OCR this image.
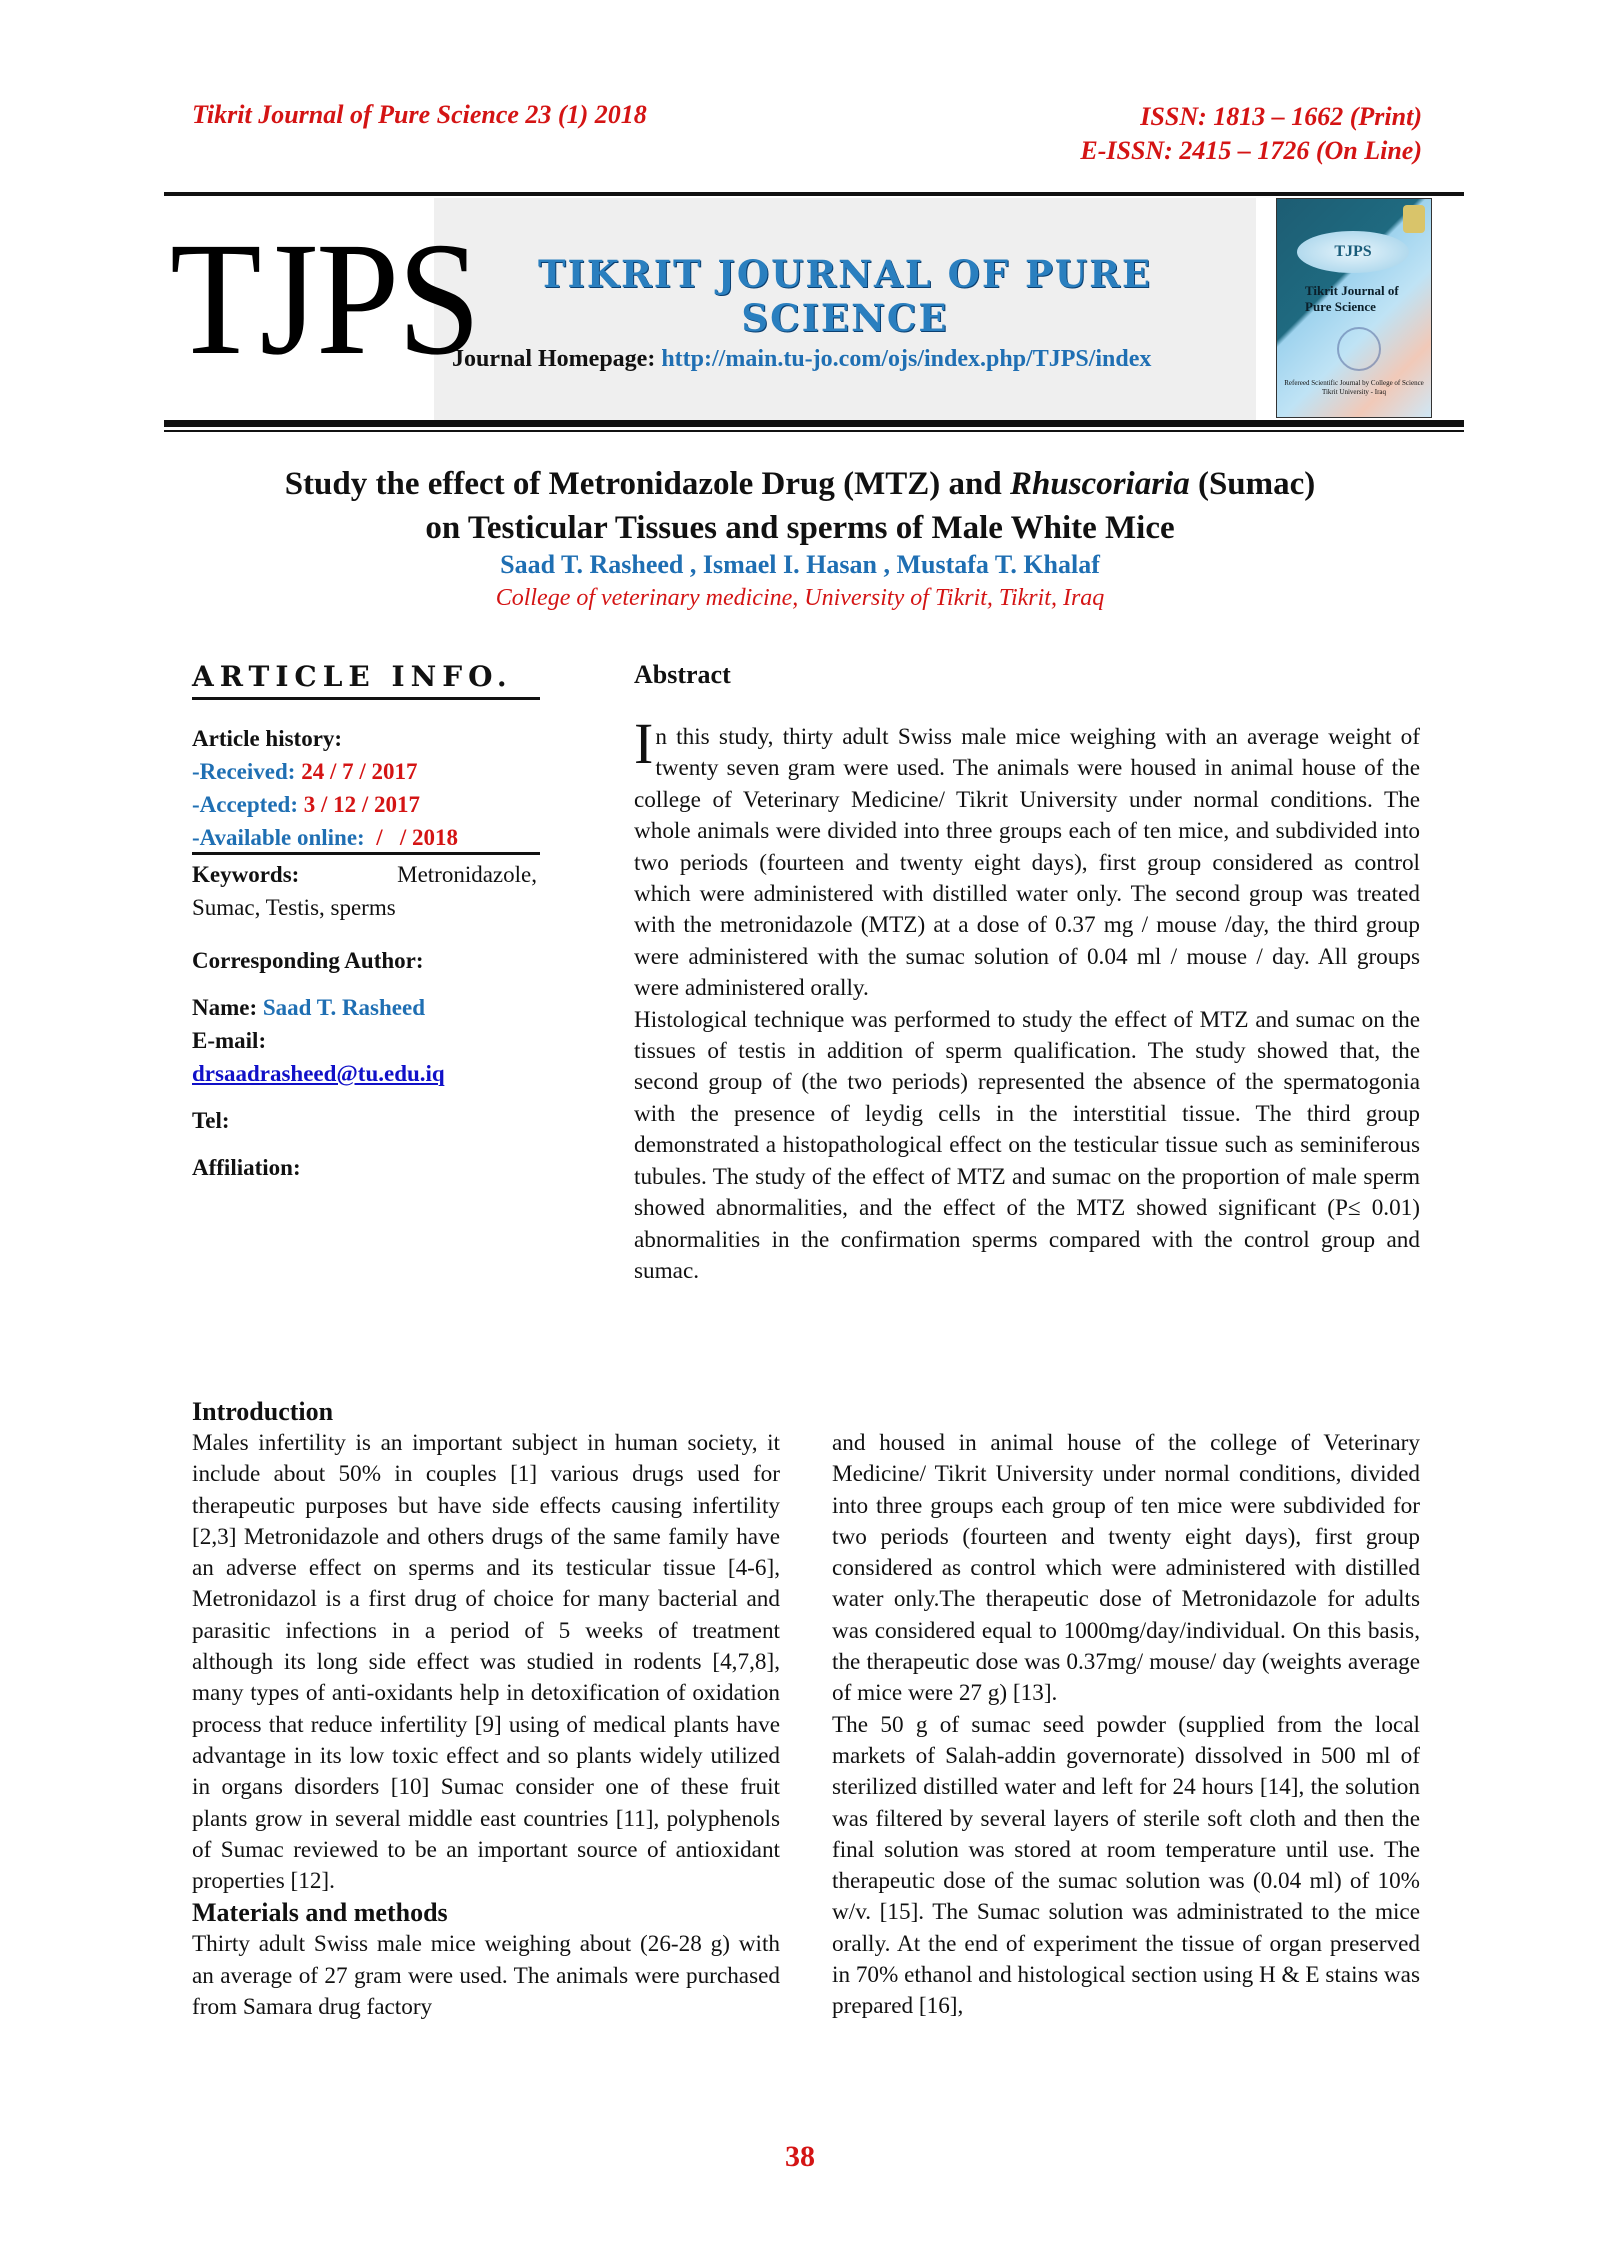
Tikrit Journal of Pure Science 23 (1) 2018	ISSN: 1813 – 1662 (Print)
E-ISSN: 2415 – 1726 (On Line)
TJPS	TIKRIT JOURNAL OF PURE SCIENCE
Journal Homepage: http://main.tu-jo.com/ojs/index.php/TJPS/index
TJPS
Tikrit Journal of Pure Science
Refereed Scientific Journal by College of Science Tikrit University - Iraq
Study the effect of Metronidazole Drug (MTZ) and Rhuscoriaria (Sumac)
on Testicular Tissues and sperms of Male White Mice
Saad T. Rasheed , Ismael I. Hasan , Mustafa T. Khalaf
College of veterinary medicine, University of Tikrit, Tikrit, Iraq
ARTICLE INFO.
Article history:
-Received: 24 / 7 / 2017
-Accepted: 3 / 12 / 2017
-Available online:  /   / 2018
Keywords:	Metronidazole,
Sumac, Testis, sperms
Corresponding Author:
Name: Saad T. Rasheed
E-mail:
drsaadrasheed@tu.edu.iq
Tel:
Affiliation:
Abstract
I n this study, thirty adult Swiss male mice weighing with an average weight of twenty seven gram were used. The animals were housed in animal house of the college of Veterinary Medicine/ Tikrit University under normal conditions. The whole animals were divided into three groups each of ten mice, and subdivided into two periods (fourteen and twenty eight days), first group considered as control which were administered with distilled water only. The second group was treated with the metronidazole (MTZ) at a dose of 0.37 mg / mouse /day, the third group were administered with the sumac solution of 0.04 ml / mouse / day. All groups were administered orally.
Histological technique was performed to study the effect of MTZ and sumac on the tissues of testis in addition of sperm qualification. The study showed that, the second group of (the two periods) represented the absence of the spermatogonia with the presence of leydig cells in the interstitial tissue. The third group demonstrated a histopathological effect on the testicular tissue such as seminiferous tubules. The study of the effect of MTZ and sumac on the proportion of male sperm showed abnormalities, and the effect of the MTZ showed significant (P≤ 0.01) abnormalities in the confirmation sperms compared with the control group and sumac.
Introduction
Males infertility is an important subject in human society, it include about 50% in couples [1] various drugs used for therapeutic purposes but have side effects causing infertility [2,3] Metronidazole and others drugs of the same family have an adverse effect on sperms and its testicular tissue [4-6], Metronidazol is a first drug of choice for many bacterial and parasitic infections in a period of 5 weeks of treatment although its long side effect was studied in rodents [4,7,8], many types of anti-oxidants help in detoxification of oxidation process that reduce infertility [9] using of medical plants have advantage in its low toxic effect and so plants widely utilized in organs disorders [10] Sumac consider one of these fruit plants grow in several middle east countries [11], polyphenols of Sumac reviewed to be an important source of antioxidant properties [12].
Materials and methods
Thirty adult Swiss male mice weighing about (26-28 g) with an average of 27 gram were used. The animals were purchased from Samara drug factory
and housed in animal house of the college of Veterinary Medicine/ Tikrit University under normal conditions, divided into three groups each group of ten mice were subdivided for two periods (fourteen and twenty eight days), first group considered as control which were administered with distilled water only.The therapeutic dose of Metronidazole for adults was considered equal to 1000mg/day/individual. On this basis, the therapeutic dose was 0.37mg/ mouse/ day (weights average of mice were 27 g) [13].
The 50 g of sumac seed powder (supplied from the local markets of Salah-addin governorate) dissolved in 500 ml of sterilized distilled water and left for 24 hours [14], the solution was filtered by several layers of sterile soft cloth and then the final solution was stored at room temperature until use. The therapeutic dose of the sumac solution was (0.04 ml) of 10% w/v. [15]. The Sumac solution was administrated to the mice orally. At the end of experiment the tissue of organ preserved in 70% ethanol and histological section using H & E stains was prepared [16],
38
